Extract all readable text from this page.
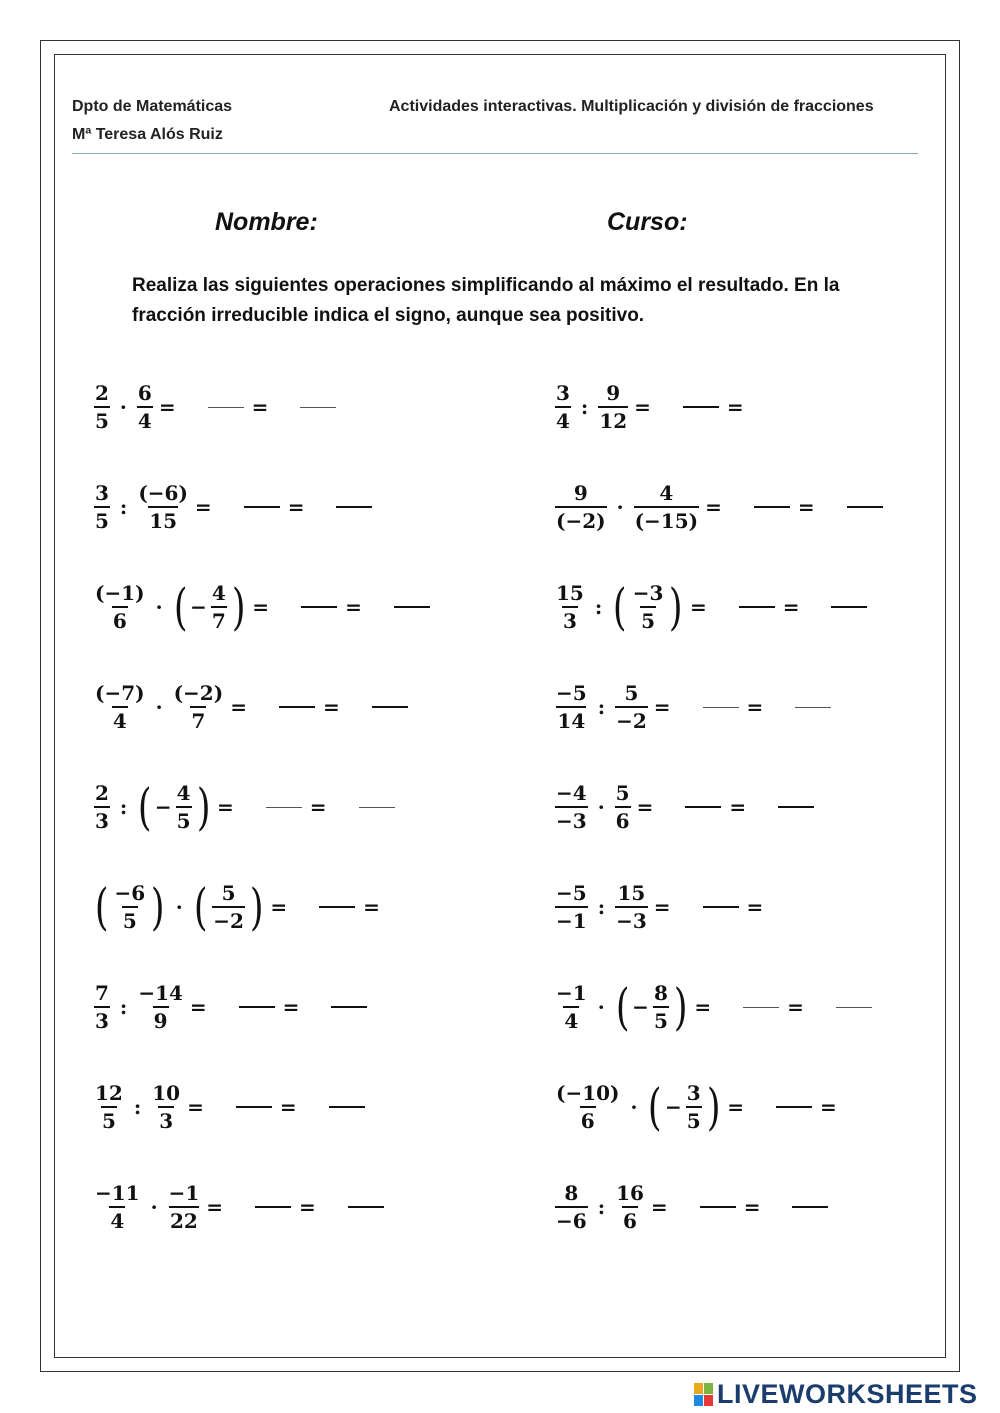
Dpto de Matemáticas
Mª Teresa Alós Ruiz
Actividades interactivas. Multiplicación y división de fracciones
Nombre:	Curso:
Realiza las siguientes operaciones simplificando al máximo el resultado. En la fracción irreducible indica el signo, aunque sea positivo.
$\frac{2}{5} \cdot \frac{6}{4}$ =	=
$\frac{3}{5}$ : $\frac{(-6)}{15}$ =	=
$\frac{(-1)}{6}$ · ( − $\frac{4}{7}$ ) =	=
$\frac{(-7)}{4} \cdot \frac{(-2)}{7}$ =	=
$\frac{2}{3}$ : ( − $\frac{4}{5}$ ) =	=
( $\frac{-6}{5}$ ) · ( $\frac{5}{-2}$ ) =	=
$\frac{7}{3}$ : $\frac{-14}{9}$ =	=
$\frac{12}{5}$ : $\frac{10}{3}$ =	=
$\frac{-11}{4} \cdot \frac{-1}{22}$ =	=
$\frac{3}{4}$ : $\frac{9}{12}$ =	=
$\frac{9}{(-2)} \cdot \frac{4}{(-15)}$ =	=
$\frac{15}{3}$ : ( $\frac{-3}{5}$ ) =	=
$\frac{-5}{14}$ : $\frac{5}{-2}$ =	=
$\frac{-4}{-3} \cdot \frac{5}{6}$ =	=
$\frac{-5}{-1}$ : $\frac{15}{-3}$ =	=
$\frac{-1}{4}$ · ( − $\frac{8}{5}$ ) =	=
$\frac{(-10)}{6}$ · ( − $\frac{3}{5}$ ) =	=
$\frac{8}{-6}$ : $\frac{16}{6}$ =	=
LIVEWORKSHEETS
